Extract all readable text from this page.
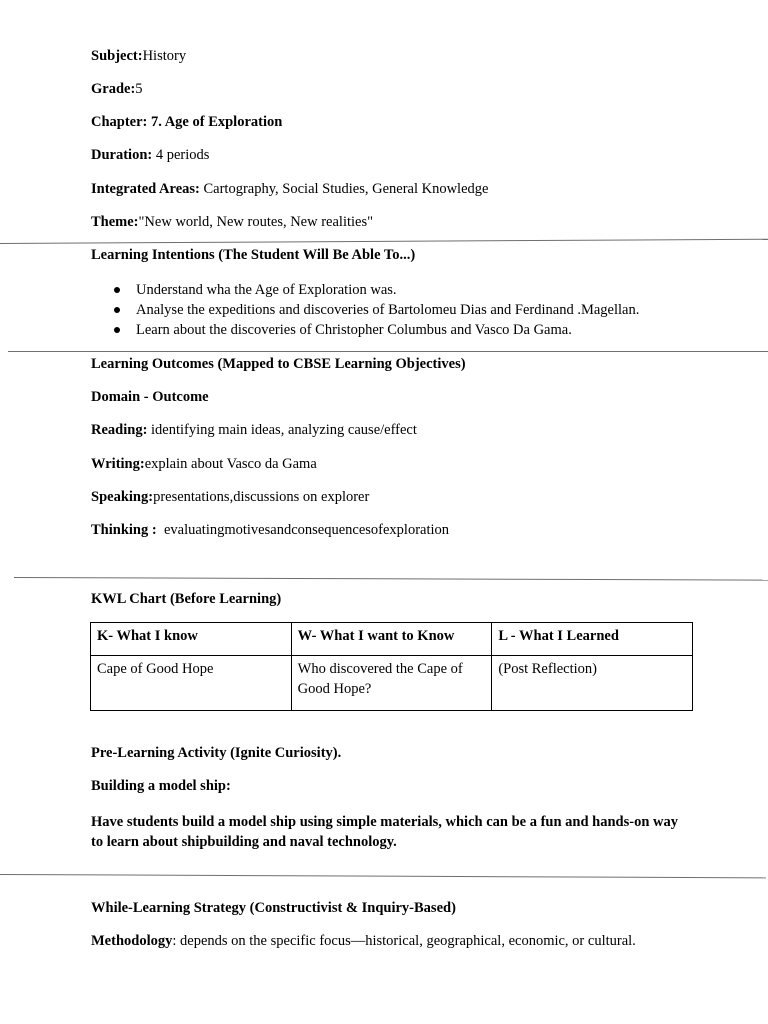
Subject:History
Grade:5
Chapter: 7. Age of Exploration
Duration: 4 periods
Integrated Areas: Cartography, Social Studies, General Knowledge
Theme:"New world, New routes, New realities"
Learning Intentions (The Student Will Be Able To...)
Understand wha the Age of Exploration was.
Analyse the expeditions and discoveries of Bartolomeu Dias and Ferdinand .Magellan.
Learn about the discoveries of Christopher Columbus and Vasco Da Gama.
Learning Outcomes (Mapped to CBSE Learning Objectives)
Domain - Outcome
Reading: identifying main ideas, analyzing cause/effect
Writing:explain about Vasco da Gama
Speaking:presentations,discussions on explorer
Thinking :  evaluatingmotivesandconsequencesofexploration
KWL Chart (Before Learning)
K- What I know	W- What I want to Know	L - What I Learned
Cape of Good Hope	Who discovered the Cape of Good Hope?	(Post Reflection)
Pre-Learning Activity (Ignite Curiosity).
Building a model ship:
Have students build a model ship using simple materials, which can be a fun and hands-on way to learn about shipbuilding and naval technology.
While-Learning Strategy (Constructivist & Inquiry-Based)
Methodology: depends on the specific focus—historical, geographical, economic, or cultural.
